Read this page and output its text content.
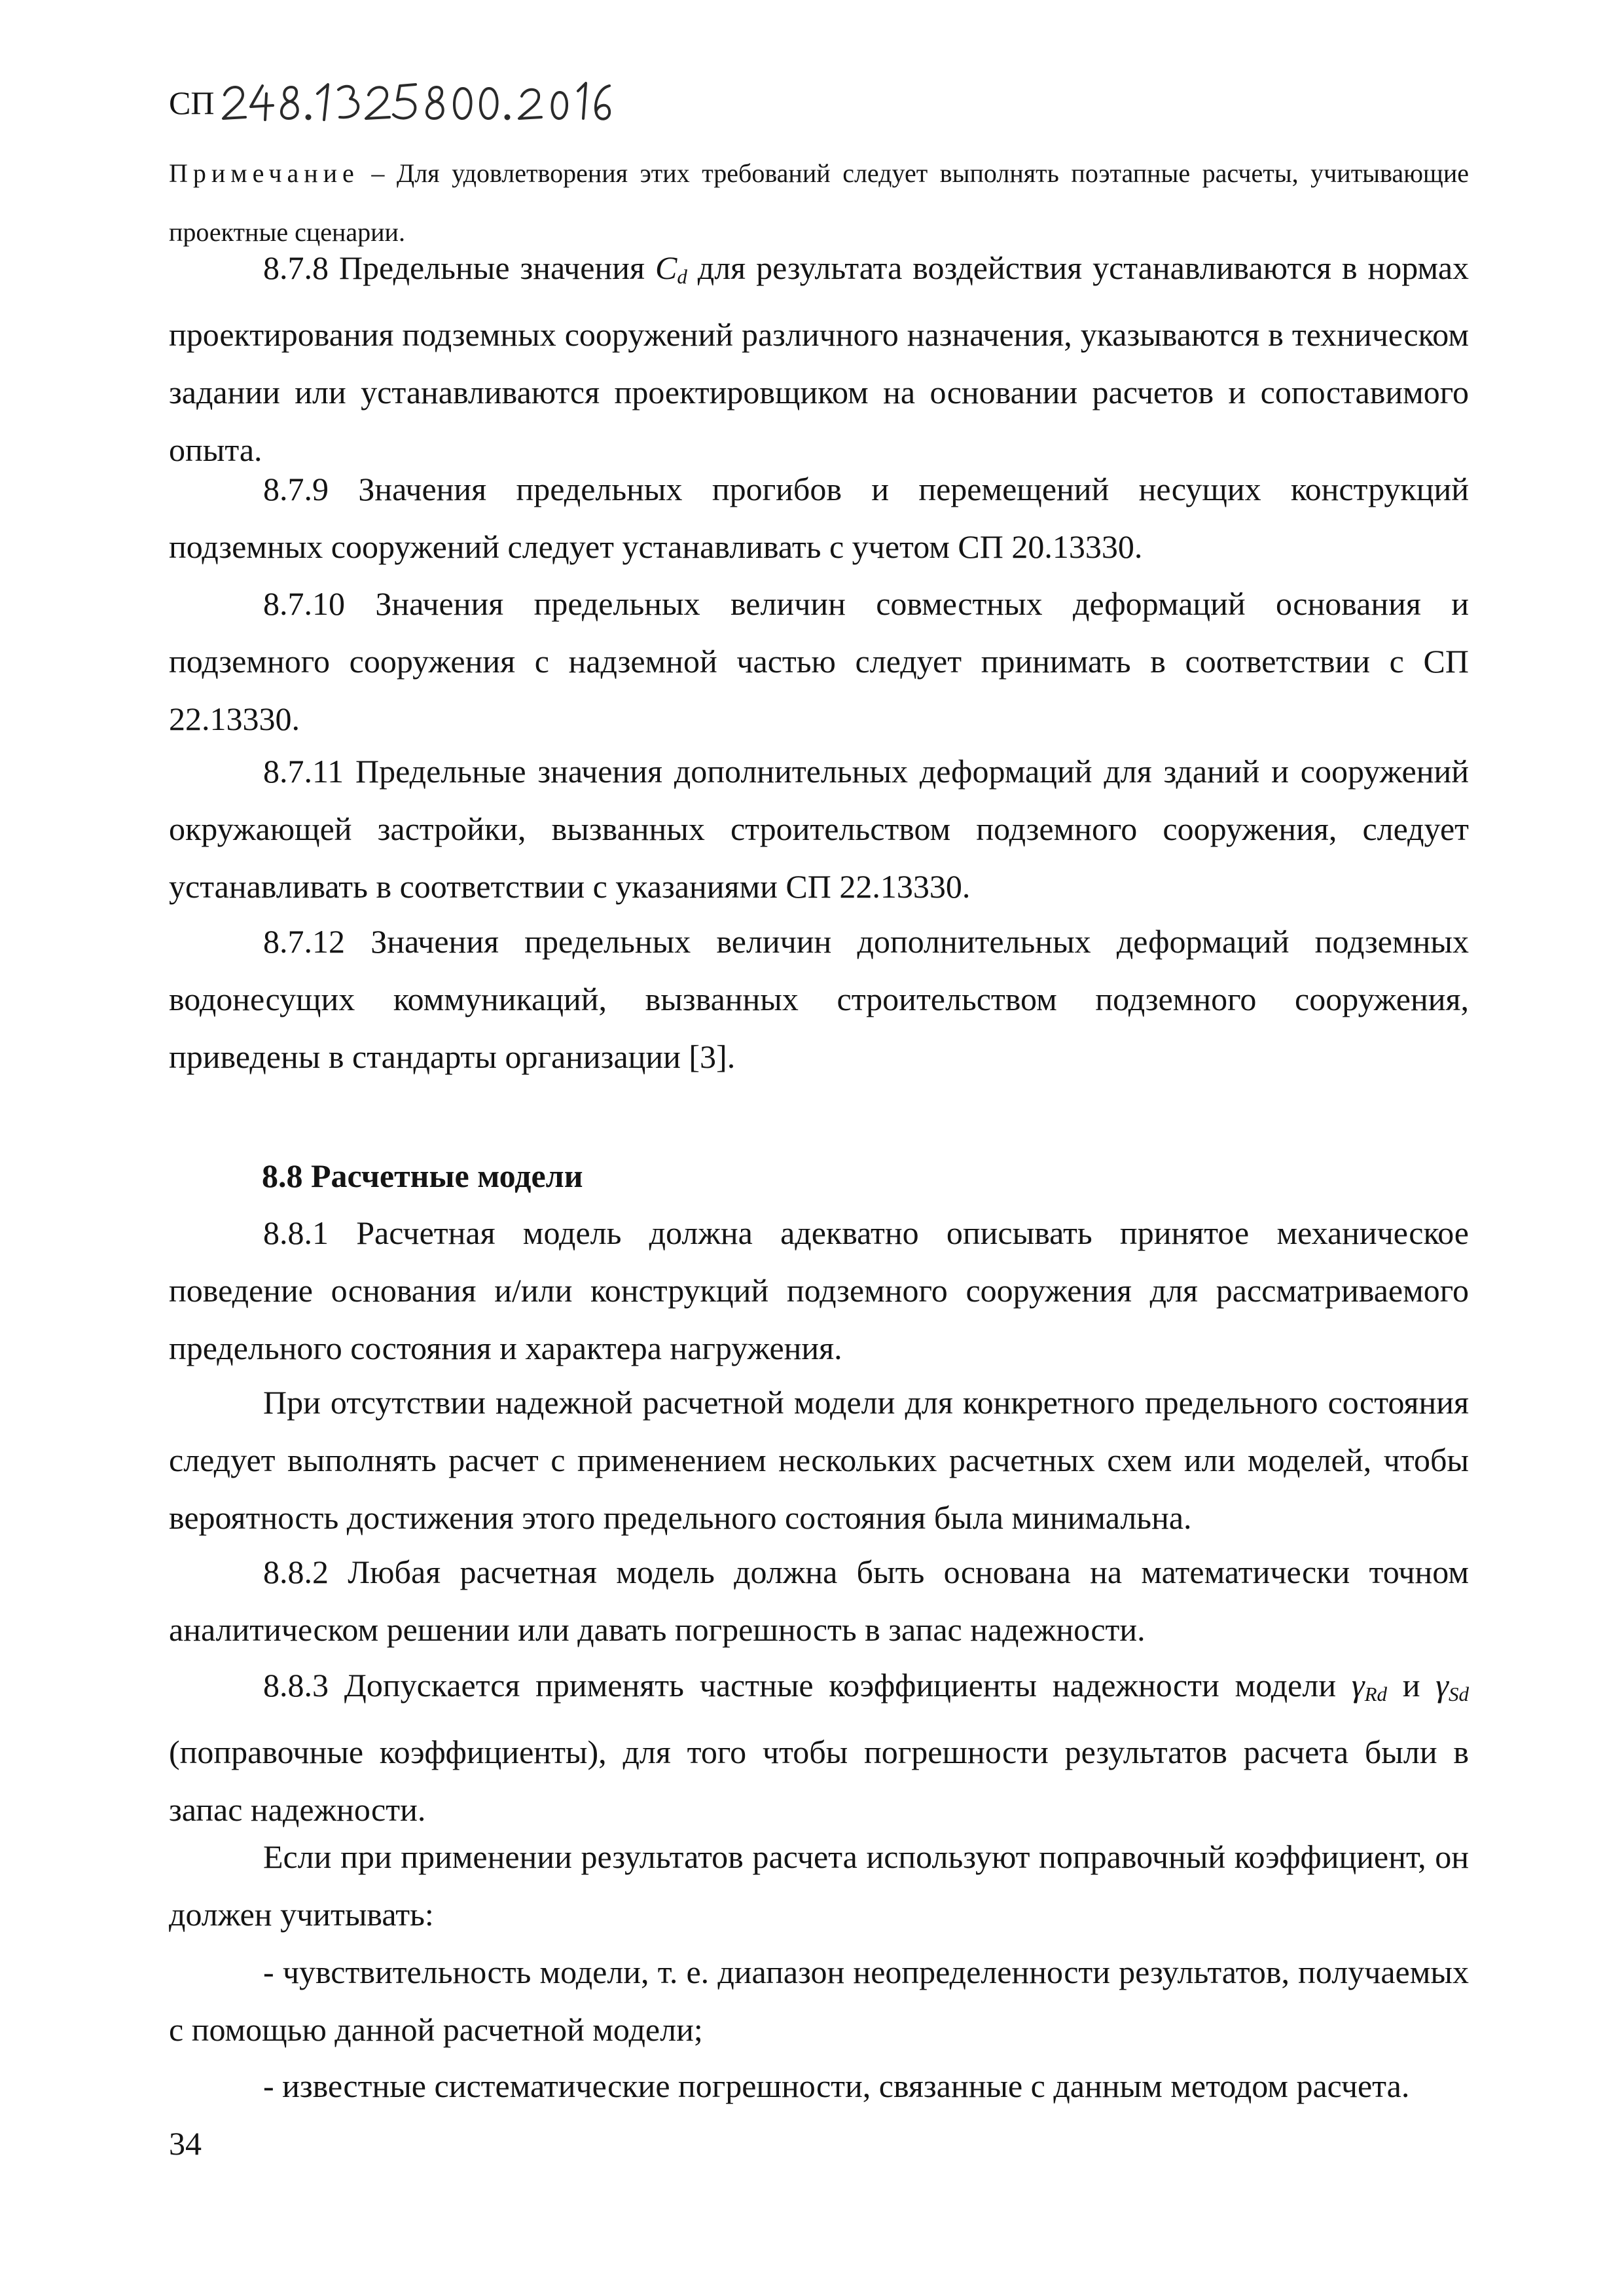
СП

Примечание – Для удовлетворения этих требований следует выполнять поэтапные расчеты, учитывающие проектные сценарии.

8.7.8 Предельные значения $C_d$ для результата воздействия устанавливаются в нормах проектирования подземных сооружений различного назначения, указываются в техническом задании или устанавливаются проектировщиком на основании расчетов и сопоставимого опыта.

8.7.9 Значения предельных прогибов и перемещений несущих конструкций подземных сооружений следует устанавливать с учетом СП 20.13330.

8.7.10 Значения предельных величин совместных деформаций основания и подземного сооружения с надземной частью следует принимать в соответствии с СП 22.13330.

8.7.11 Предельные значения дополнительных деформаций для зданий и сооружений окружающей застройки, вызванных строительством подземного сооружения, следует устанавливать в соответствии с указаниями СП 22.13330.

8.7.12 Значения предельных величин дополнительных деформаций подземных водонесущих коммуникаций, вызванных строительством подземного сооружения, приведены в стандарты организации [3].

8.8 Расчетные модели

8.8.1 Расчетная модель должна адекватно описывать принятое механическое поведение основания и/или конструкций подземного сооружения для рассматриваемого предельного состояния и характера нагружения.

При отсутствии надежной расчетной модели для конкретного предельного состояния следует выполнять расчет с применением нескольких расчетных схем или моделей, чтобы вероятность достижения этого предельного состояния была минимальна.

8.8.2 Любая расчетная модель должна быть основана на математически точном аналитическом решении или давать погрешность в запас надежности.

8.8.3 Допускается применять частные коэффициенты надежности модели $\gamma_{Rd}$ и $\gamma_{Sd}$ (поправочные коэффициенты), для того чтобы погрешности результатов расчета были в запас надежности.

Если при применении результатов расчета используют поправочный коэффициент, он должен учитывать:

- чувствительность модели, т. е. диапазон неопределенности результатов, получаемых с помощью данной расчетной модели;

- известные систематические погрешности, связанные с данным методом расчета.

34
